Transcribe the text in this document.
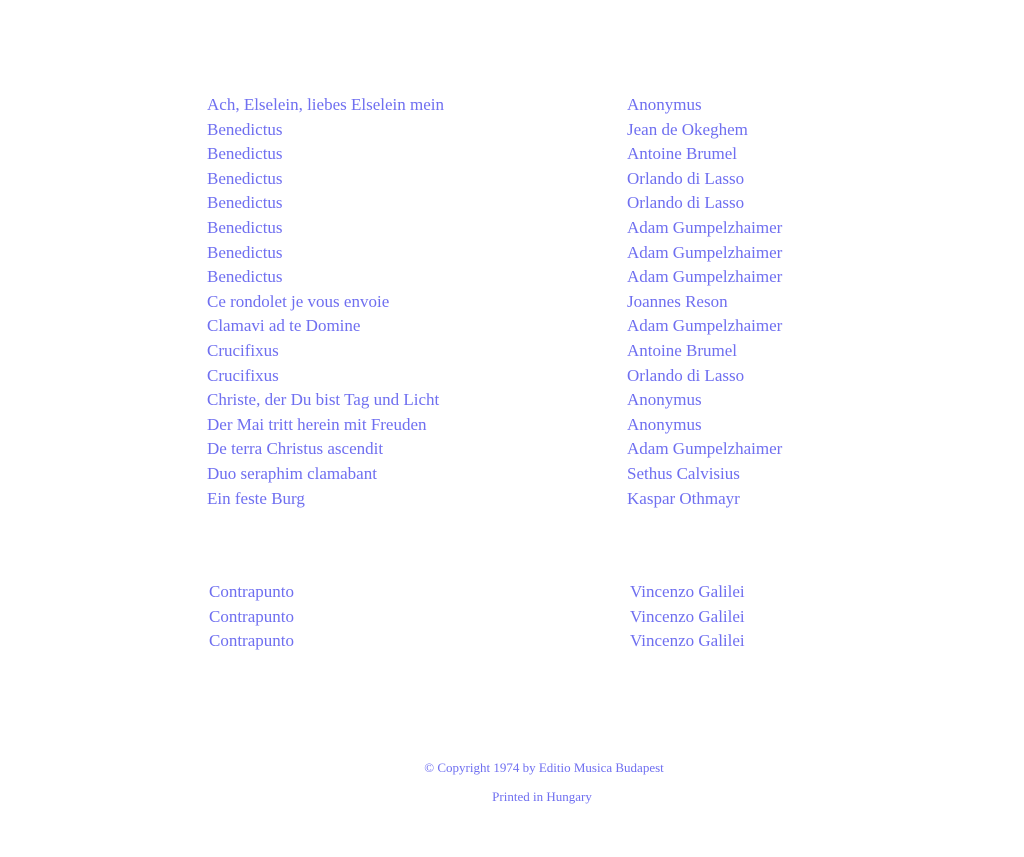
Ach, Elselein, liebes Elselein mein	Anonymus
Benedictus	Jean de Okeghem
Benedictus	Antoine Brumel
Benedictus	Orlando di Lasso
Benedictus	Orlando di Lasso
Benedictus	Adam Gumpelzhaimer
Benedictus	Adam Gumpelzhaimer
Benedictus	Adam Gumpelzhaimer
Ce rondolet je vous envoie	Joannes Reson
Clamavi ad te Domine	Adam Gumpelzhaimer
Crucifixus	Antoine Brumel
Crucifixus	Orlando di Lasso
Christe, der Du bist Tag und Licht	Anonymus
Der Mai tritt herein mit Freuden	Anonymus
De terra Christus ascendit	Adam Gumpelzhaimer
Duo seraphim clamabant	Sethus Calvisius
Ein feste Burg	Kaspar Othmayr
Contrapunto	Vincenzo Galilei
Contrapunto	Vincenzo Galilei
Contrapunto	Vincenzo Galilei
© Copyright 1974 by Editio Musica Budapest
Printed in Hungary
